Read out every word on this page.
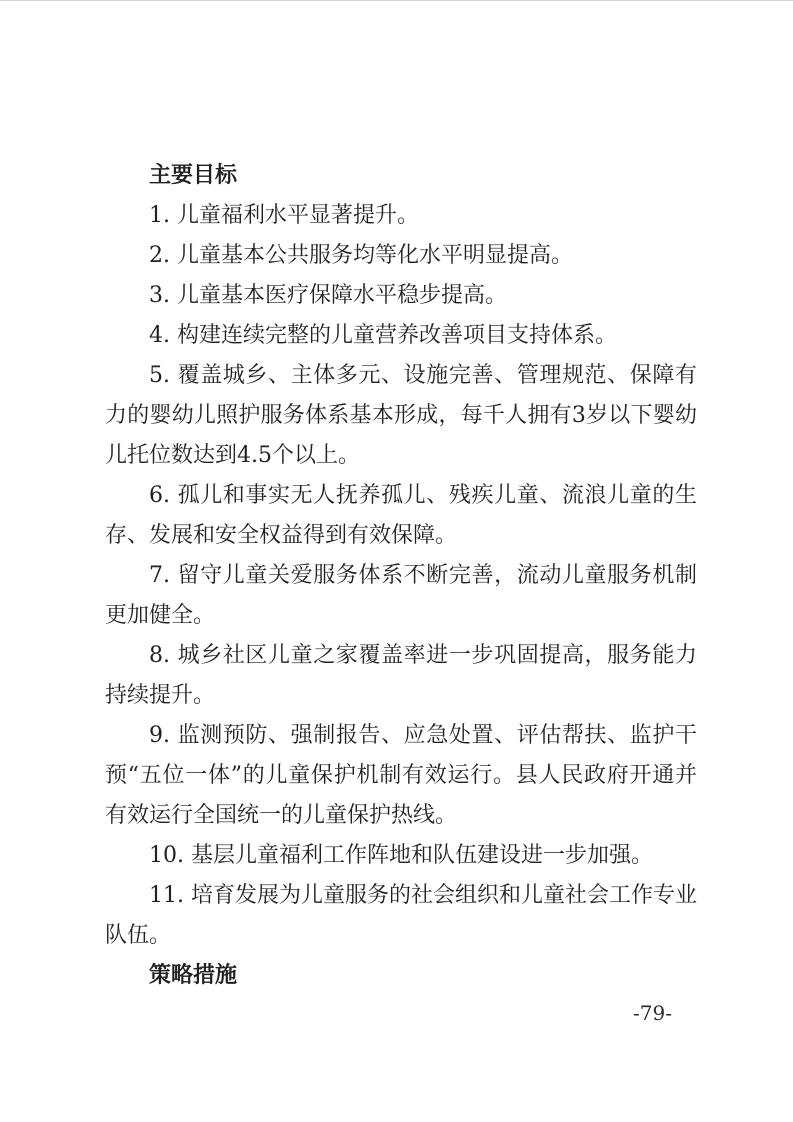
主要目标

1. 儿童福利水平显著提升。

2. 儿童基本公共服务均等化水平明显提高。

3. 儿童基本医疗保障水平稳步提高。

4. 构建连续完整的儿童营养改善项目支持体系。

5. 覆盖城乡、主体多元、设施完善、管理规范、保障有力的婴幼儿照护服务体系基本形成，每千人拥有3岁以下婴幼儿托位数达到4.5个以上。

6. 孤儿和事实无人抚养孤儿、残疾儿童、流浪儿童的生存、发展和安全权益得到有效保障。

7. 留守儿童关爱服务体系不断完善，流动儿童服务机制更加健全。

8. 城乡社区儿童之家覆盖率进一步巩固提高，服务能力持续提升。

9. 监测预防、强制报告、应急处置、评估帮扶、监护干预“五位一体”的儿童保护机制有效运行。县人民政府开通并有效运行全国统一的儿童保护热线。

10. 基层儿童福利工作阵地和队伍建设进一步加强。

11. 培育发展为儿童服务的社会组织和儿童社会工作专业队伍。

策略措施
-79-
